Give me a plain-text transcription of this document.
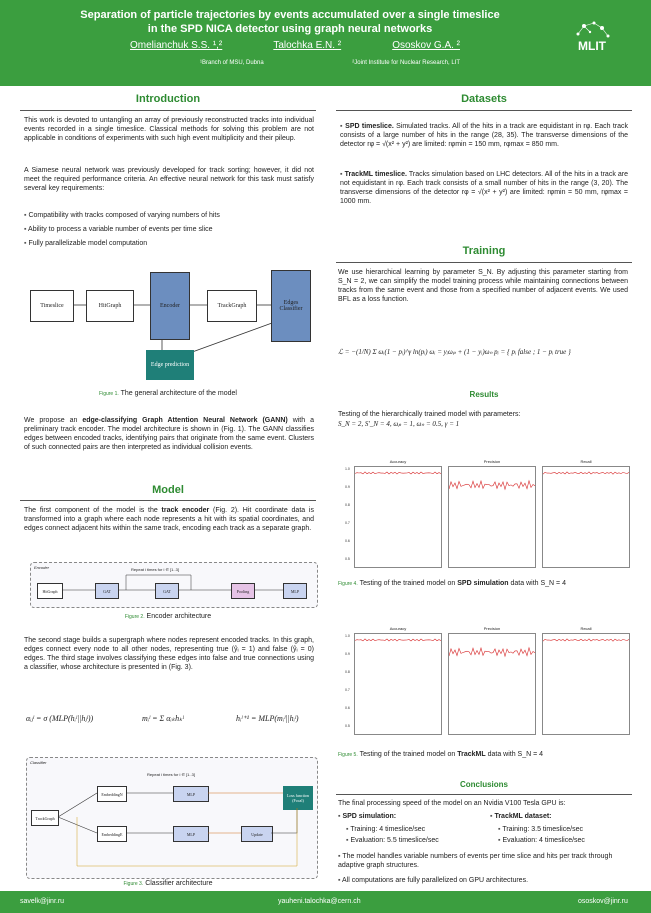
Separation of particle trajectories by events accumulated over a single timeslice
in the SPD NICA detector using graph neural networks
Omelianchuk S.S. ¹,²	Talochka E.N. ²	Ososkov G.A. ²
¹Branch of MSU, Dubna	²Joint Institute for Nuclear Research, LIT
MLIT
Introduction
This work is devoted to untangling an array of previously reconstructed tracks into individual events recorded in a single timeslice. Classical methods for solving this problem are not applicable in conditions of experiments with such high event multiplicity and their pileup.
A Siamese neural network was previously developed for track sorting; however, it did not meet the required performance criteria. An effective neural network for this task must satisfy several key requirements:
▪ Compatibility with tracks composed of varying numbers of hits
▪ Ability to process a variable number of events per time slice
▪ Fully parallelizable model computation
Timeslice	HitGraph	Encoder	TrackGraph	Edges Classifier
Edge prediction
Figure 1. The general architecture of the model
We propose an edge-classifying Graph Attention Neural Network (GANN) with a preliminary track encoder. The model architecture is shown in (Fig. 1). The GANN classifies edges between encoded tracks, identifying pairs that originate from the same event. Clusters of such connected pairs are then interpreted as individual collision events.
Model
The first component of the model is the track encoder (Fig. 2). Hit coordinate data is transformed into a graph where each node represents a hit with its spatial coordinates, and edges connect adjacent hits within the same track, encoding each track as a separate graph.
Encoder	Repeat i times for i ∈ [1..3]
HitGraph	GAT	GAT	Pooling	MLP
Figure 2. Encoder architecture
The second stage builds a supergraph where nodes represent encoded tracks. In this graph, edges connect every node to all other nodes, representing true (ŷᵢ = 1) and false (ŷᵢ = 0) edges. The third stage involves classifying these edges into false and true connections using a classifier, whose architecture is presented in (Fig. 3).
αᵢⱼˡ = σ (MLP(hᵢˡ||hⱼˡ))	mᵢˡ = Σ αᵢₖhₖˡ	hᵢˡ⁺¹ = MLP(mᵢˡ||hᵢˡ)
Classifier
Repeat i times for i ∈ [1..3]
TrackGraph
EmbeddingN
EmbeddingE
MLP
MLP	Update
Loss function (Focal)
Figure 3. Classifier architecture
Datasets
▪ SPD timeslice. Simulated tracks. All of the hits in a track are equidistant in rφ. Each track consists of a large number of hits in the range (28, 35). The transverse dimensions of the detector rφ = √(x² + y²) are limited: rφmin = 150 mm, rφmax = 850 mm.
▪ TrackML timeslice. Tracks simulation based on LHC detectors. All of the hits in a track are not equidistant in rφ. Each track consists of a small number of hits in the range (3, 20). The transverse dimensions of the detector rφ = √(x² + y²) are limited: rφmin = 50 mm, rφmax = 1000 mm.
Training
We use hierarchical learning by parameter S_N. By adjusting this parameter starting from S_N = 2, we can simplify the model training process while maintaining connections between tracks from the same event and those from a specified number of adjacent events. We used BFL as a loss function.
ℒ = −(1/N) Σ ωᵢ(1 − pᵢ)^γ ln(pᵢ) ωᵢ = yᵢωₚ + (1 − yᵢ)ωₙ pᵢ = { pᵢ false ; 1 − pᵢ true }
Results
Testing of the hierarchically trained model with parameters:
S_N = 2, S′_N = 4, ωₚ = 1, ωₙ = 0.5, γ = 1
Accuracy
1.0
0.9
0.8
0.7
0.6
0.5
Precision	Recall
Figure 4. Testing of the trained model on SPD simulation data with S_N = 4
Accuracy
1.0
0.9
0.8
0.7
0.6
0.5
Precision	Recall
Figure 5. Testing of the trained model on TrackML data with S_N = 4
Conclusions
The final processing speed of the model on an Nvidia V100 Tesla GPU is:
▪ SPD simulation:
▪ Training: 4 timeslice/sec
▪ Evaluation: 5.5 timeslice/sec
▪ TrackML dataset:
▪ Training: 3.5 timeslice/sec
▪ Evaluation: 4 timeslice/sec
▪ The model handles variable numbers of events per time slice and hits per track through adaptive graph structures.
▪ All computations are fully parallelized on GPU architectures.
savelk@jinr.ru	yauheni.talochka@cern.ch	ososkov@jinr.ru
